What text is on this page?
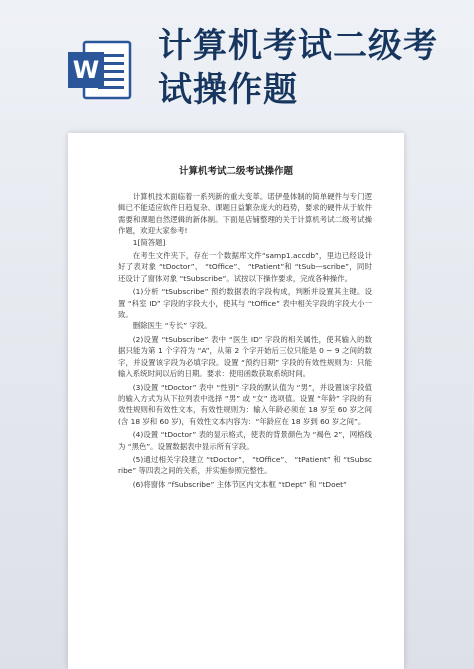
W
计算机考试二级考
试操作题
计算机考试二级考试操作题

计算机技术面临着一系列新的重大变革。诺伊曼体制的简单硬件与专门逻辑已不能适应软件日趋复杂、课题日益繁杂庞大的趋势，要求的硬件从于软件需要和课题自然逻辑的新体制。下面是店铺整理的关于计算机考试二级考试操作题，欢迎大家参考!

1[简答题]

在考生文件夹下，存在一个数据库文件“samp1.accdb”，里边已经设计好了表对象 “tDoctor”、 “tOffice”、 “tPatient”和 “tSub—scribe”，同时还设计了窗体对象 “tSubscribe”。试按以下操作要求，完成各种操作。

(1)分析 “tSubscribe” 预约数据表的字段构成，判断并设置其主键。设置 “科室 ID” 字段的字段大小，使其与 “tOffice” 表中相关字段的字段大小一致。

删除医生 “专长” 字段。

(2)设置 “tSubscribe” 表中 “医生 ID” 字段的相关属性，使其输入的数据只能为第 1 个字符为 “A”，从第 2 个字开始后三位只能是 0 ~ 9 之间的数字，并设置该字段为必填字段。设置 “预约日期” 字段的有效性规则为：只能输入系统时间以后的日期。要求：使用函数获取系统时间。

(3)设置 “tDoctor” 表中 “性别” 字段的默认值为 “男”，并设置该字段值的输入方式为从下拉列表中选择 “男” 或 “女” 选项值。设置 “年龄” 字段的有效性规则和有效性文本，有效性规则为：输入年龄必须在 18 岁至 60 岁之间(含 18 岁和 60 岁)，有效性文本内容为：“年龄应在 18 岁到 60 岁之间”。

(4)设置 “tDoctor” 表的显示格式，使表的背景颜色为 “褐色 2”，网格线为 “黑色”。设置数据表中显示所有字段。

(5)通过相关字段建立 “tDoctor”、 “tOffice”、 “tPatient” 和 “tSubscribe” 等四表之间的关系，并实施参照完整性。

(6)将窗体 “fSubscribe” 主体节区内文本框 “tDept” 和 “tDoet”
